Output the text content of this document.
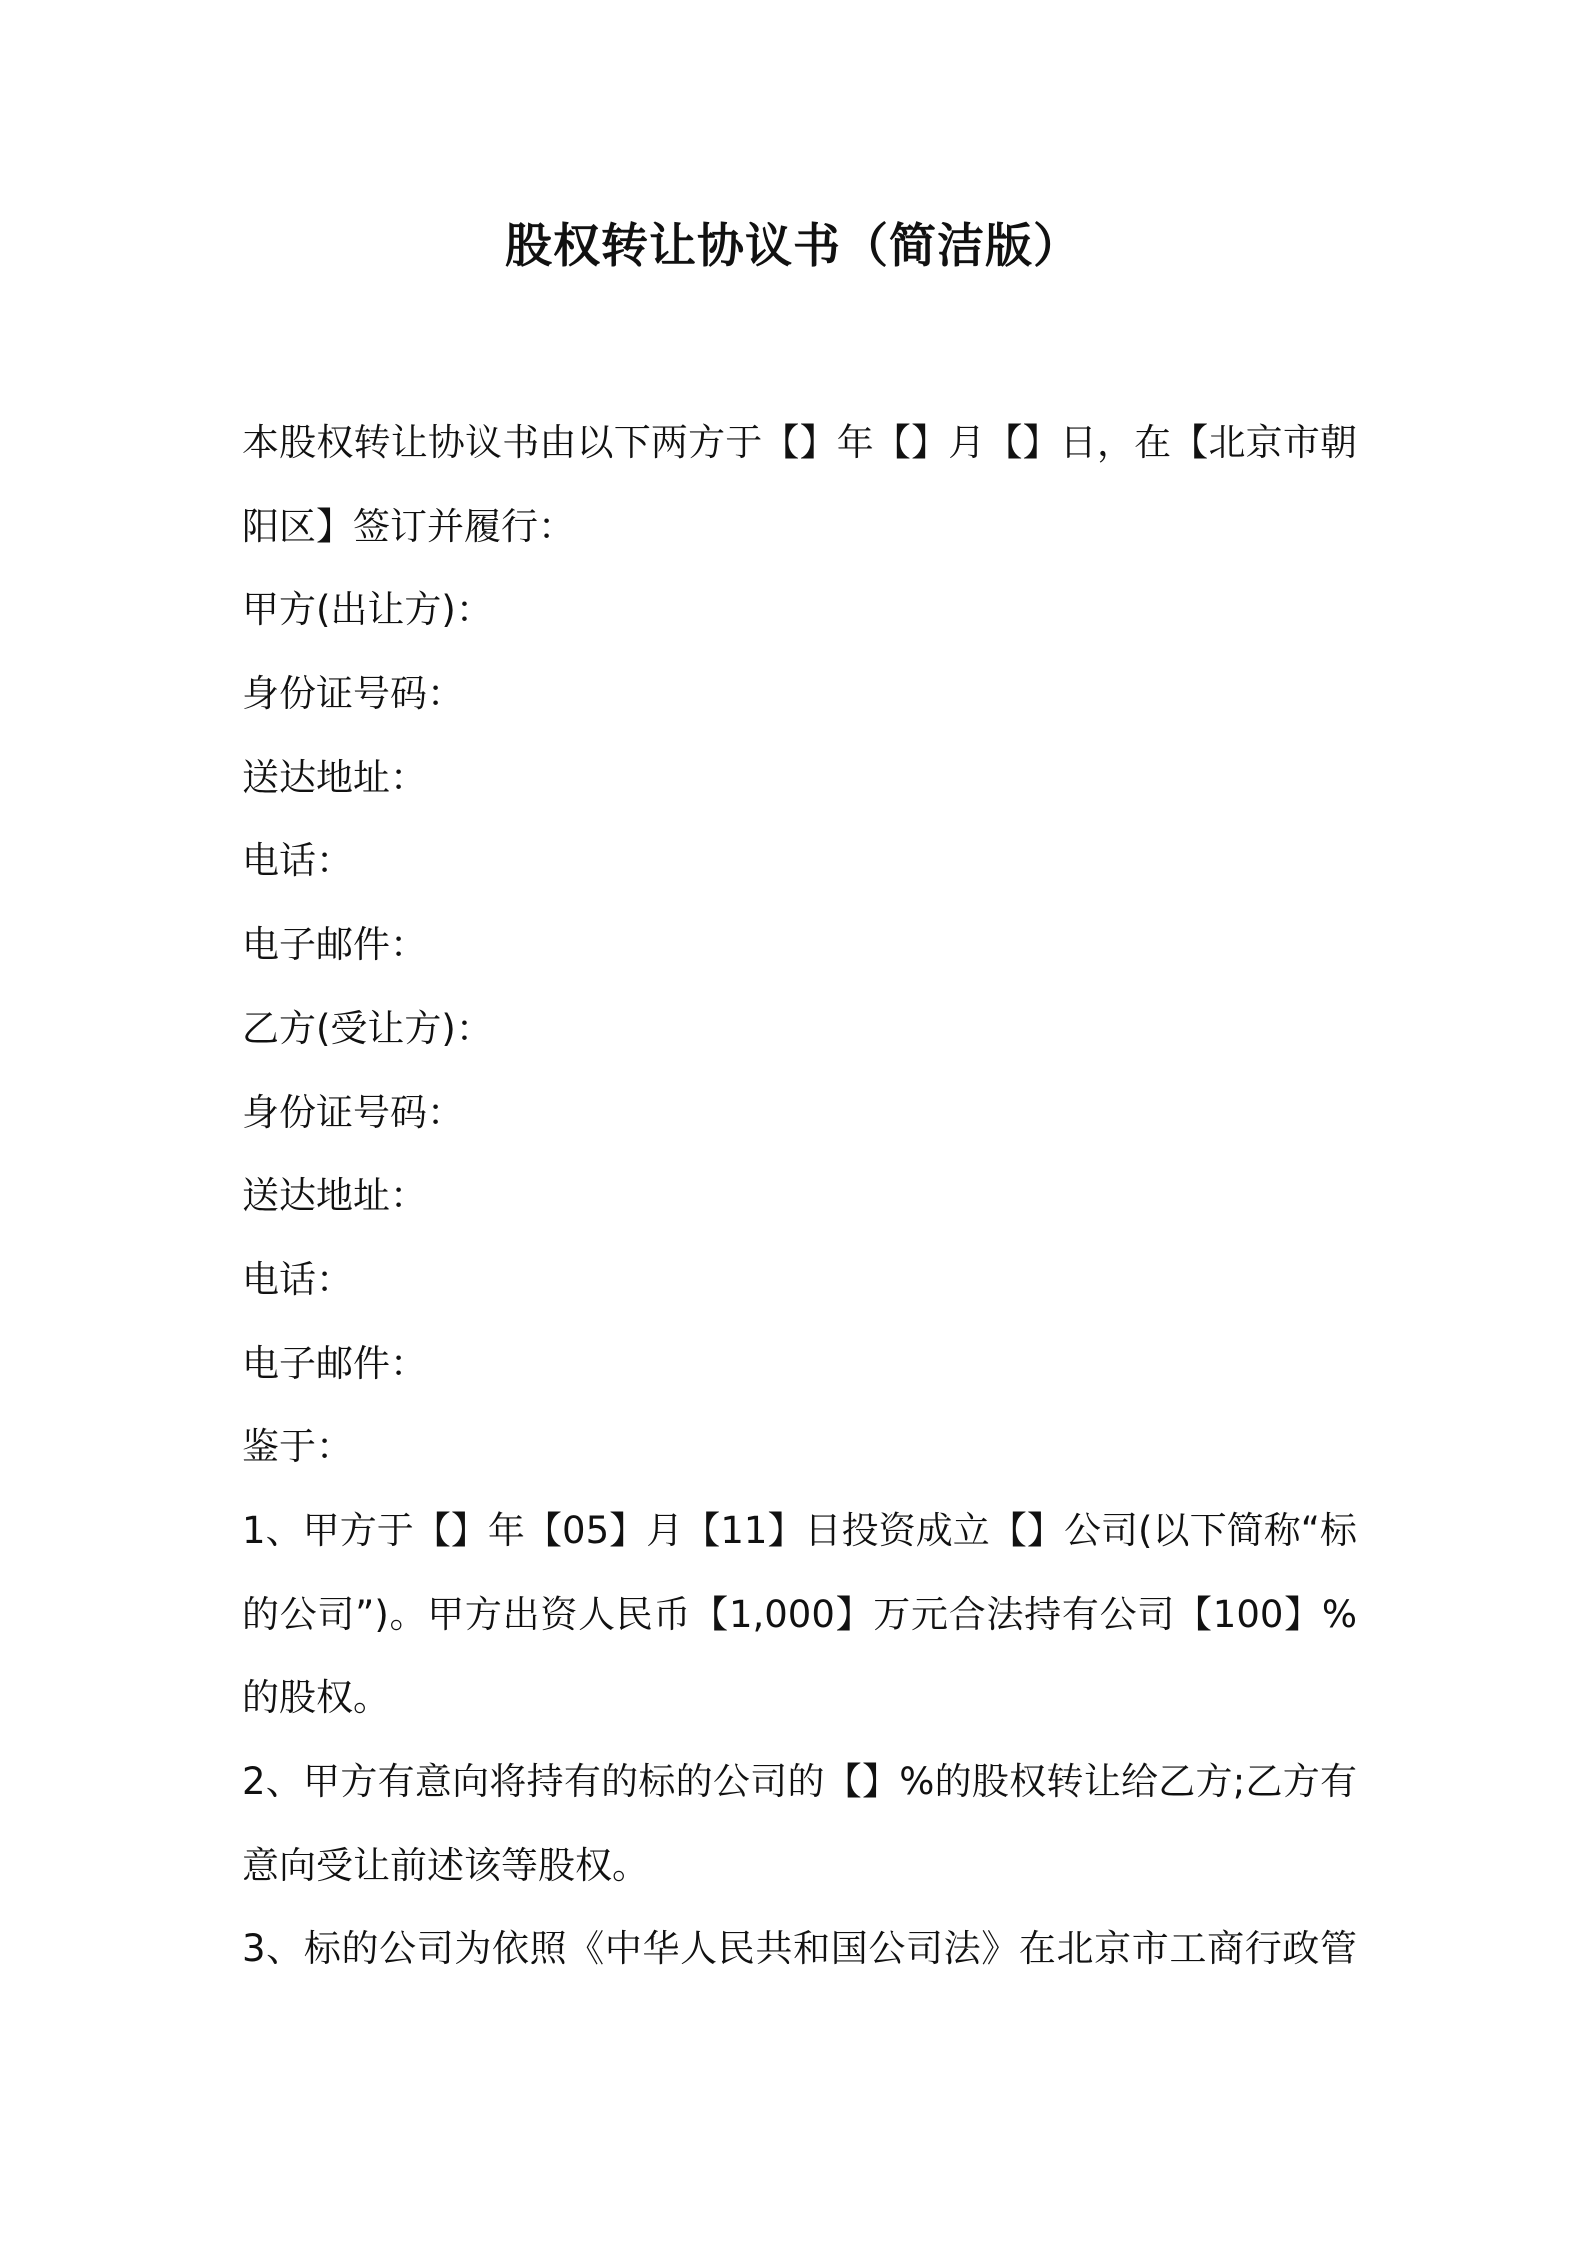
股权转让协议书（简洁版）
本股权转让协议书由以下两方于【】年【】月【】日，在【北京市朝
阳区】签订并履行：
甲方(出让方)：
身份证号码：
送达地址：
电话：
电子邮件：
乙方(受让方)：
身份证号码：
送达地址：
电话：
电子邮件：
鉴于：
1、甲方于【】年【05】月【11】日投资成立【】公司(以下简称“标
的公司”)。甲方出资人民币【1,000】万元合法持有公司【100】%
的股权。
2、甲方有意向将持有的标的公司的【】%的股权转让给乙方;乙方有
意向受让前述该等股权。
3、标的公司为依照《中华人民共和国公司法》在北京市工商行政管
